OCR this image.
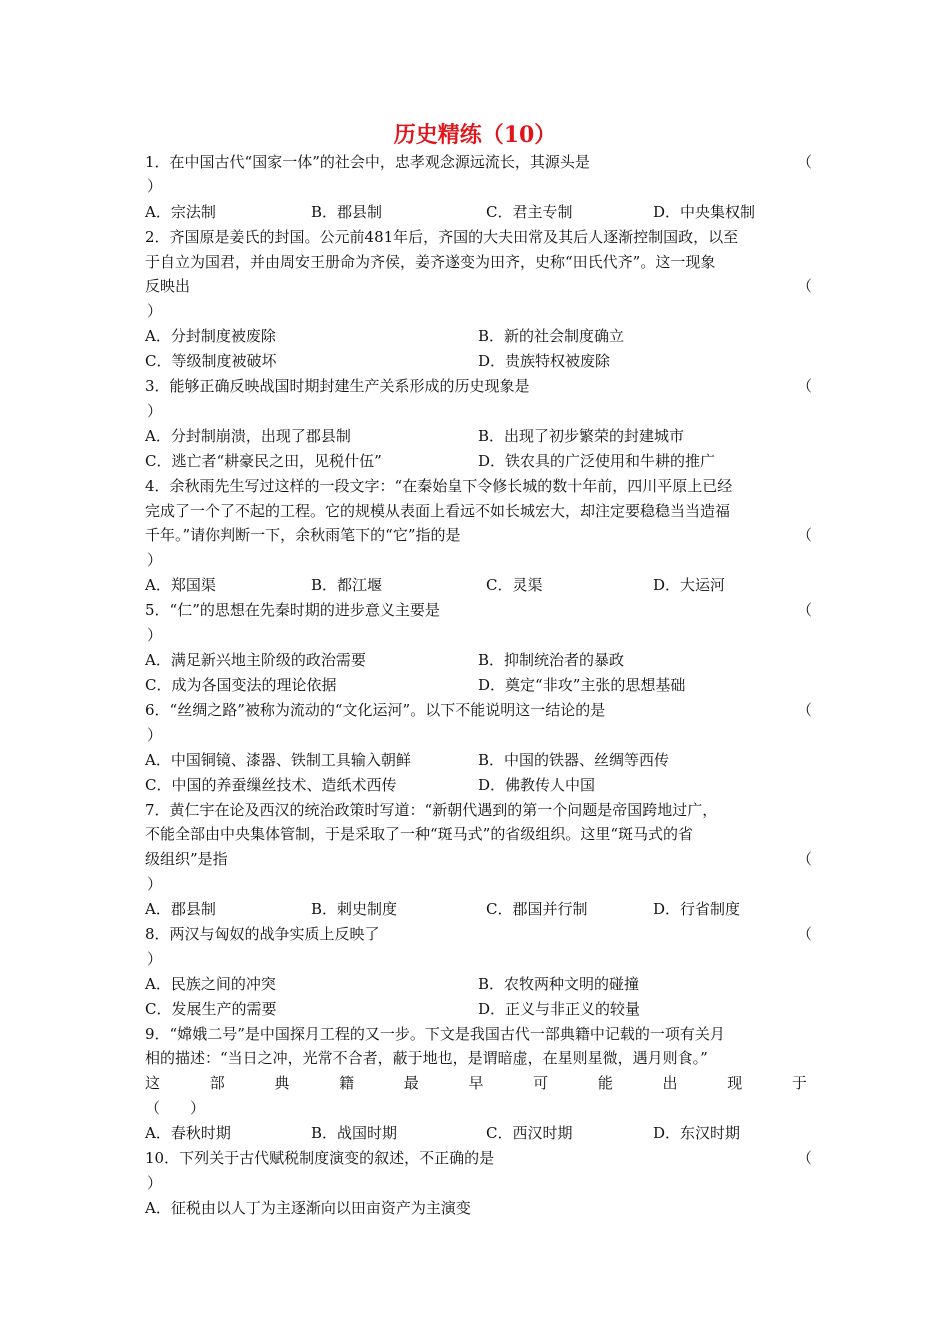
历史精练（10）
1．在中国古代“国家一体”的社会中，忠孝观念源远流长，其源头是	（
）
A．宗法制	B．郡县制	C．君主专制	D．中央集权制
2．齐国原是姜氏的封国。公元前481年后，齐国的大夫田常及其后人逐渐控制国政，以至
于自立为国君，并由周安王册命为齐侯，姜齐遂变为田齐，史称“田氏代齐”。这一现象
反映出	（
）
A．分封制度被废除	B．新的社会制度确立
C．等级制度被破坏	D．贵族特权被废除
3．能够正确反映战国时期封建生产关系形成的历史现象是	（
）
A．分封制崩溃，出现了郡县制	B．出现了初步繁荣的封建城市
C．逃亡者“耕豪民之田，见税什伍”	D．铁农具的广泛使用和牛耕的推广
4．余秋雨先生写过这样的一段文字：“在秦始皇下令修长城的数十年前，四川平原上已经
完成了一个了不起的工程。它的规模从表面上看远不如长城宏大，却注定要稳稳当当造福
千年。”请你判断一下，余秋雨笔下的“它”指的是	（
）
A．郑国渠	B．都江堰	C．灵渠	D．大运河
5．“仁”的思想在先秦时期的进步意义主要是	（
）
A．满足新兴地主阶级的政治需要	B．抑制统治者的暴政
C．成为各国变法的理论依据	D．奠定“非攻”主张的思想基础
6．“丝绸之路”被称为流动的“文化运河”。以下不能说明这一结论的是	（
）
A．中国铜镜、漆器、铁制工具输入朝鲜	B．中国的铁器、丝绸等西传
C．中国的养蚕缫丝技术、造纸术西传	D．佛教传人中国
7．黄仁宇在论及西汉的统治政策时写道：“新朝代遇到的第一个问题是帝国跨地过广，
不能全部由中央集体管制，于是采取了一种“斑马式”的省级组织。这里“斑马式的省
级组织”是指	（
）
A．郡县制	B．刺史制度	C．郡国并行制	D．行省制度
8．两汉与匈奴的战争实质上反映了	（
）
A．民族之间的冲突	B．农牧两种文明的碰撞
C．发展生产的需要	D．正义与非正义的较量
9．“嫦娥二号”是中国探月工程的又一步。下文是我国古代一部典籍中记载的一项有关月
相的描述：“当日之冲，光常不合者，蔽于地也，是谓暗虚，在星则星微，遇月则食。”
这	部	典	籍	最	早	可	能	出	现	于
（　　）
A．春秋时期	B．战国时期	C．西汉时期	D．东汉时期
10．下列关于古代赋税制度演变的叙述，不正确的是	（
）
A．征税由以人丁为主逐渐向以田亩资产为主演变
